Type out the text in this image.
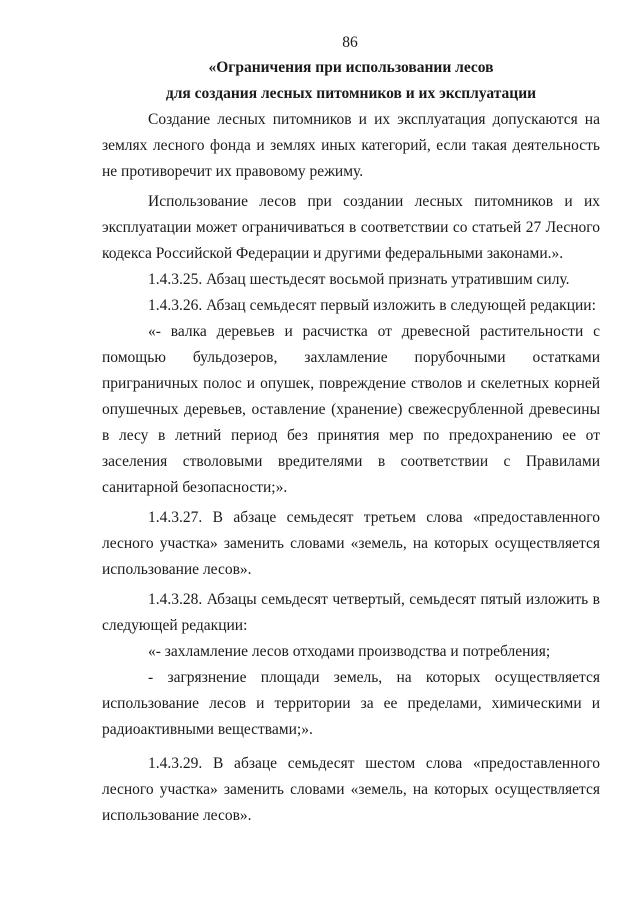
86
«Ограничения при использовании лесов
для создания лесных питомников и их эксплуатации

Создание лесных питомников и их эксплуатация допускаются на землях лесного фонда и землях иных категорий, если такая деятельность не противоречит их правовому режиму.

Использование лесов при создании лесных питомников и их эксплуатации может ограничиваться в соответствии со статьей 27 Лесного кодекса Российской Федерации и другими федеральными законами.».

1.4.3.25. Абзац шестьдесят восьмой признать утратившим силу.

1.4.3.26. Абзац семьдесят первый изложить в следующей редакции:

«- валка деревьев и расчистка от древесной растительности с помощью бульдозеров, захламление порубочными остатками приграничных полос и опушек, повреждение стволов и скелетных корней опушечных деревьев, оставление (хранение) свежесрубленной древесины в лесу в летний период без принятия мер по предохранению ее от заселения стволовыми вредителями в соответствии с Правилами санитарной безопасности;».

1.4.3.27. В абзаце семьдесят третьем слова «предоставленного лесного участка» заменить словами «земель, на которых осуществляется использование лесов».

1.4.3.28. Абзацы семьдесят четвертый, семьдесят пятый изложить в следующей редакции:

«- захламление лесов отходами производства и потребления;

- загрязнение площади земель, на которых осуществляется использование лесов и территории за ее пределами, химическими и радиоактивными веществами;».

1.4.3.29. В абзаце семьдесят шестом слова «предоставленного лесного участка» заменить словами «земель, на которых осуществляется использование лесов».
